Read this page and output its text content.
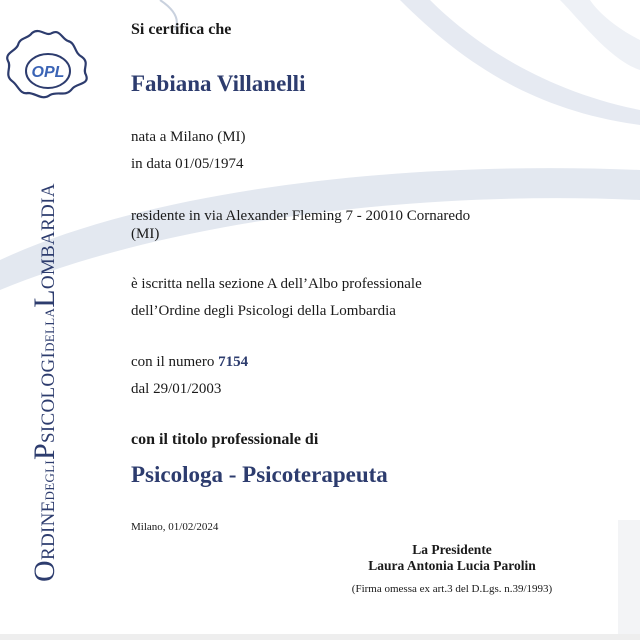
OPL
ORDINEDEGLIPSICOLOGIDELLALOMBARDIA
Si certifica che
Fabiana Villanelli
nata a Milano (MI)
in data 01/05/1974
residente in via Alexander Fleming 7 - 20010 Cornaredo
(MI)
è iscritta nella sezione A dell’Albo professionale
dell’Ordine degli Psicologi della Lombardia
con il numero 7154
dal 29/01/2003
con il titolo professionale di
Psicologa - Psicoterapeuta
Milano, 01/02/2024
La Presidente
Laura Antonia Lucia Parolin
(Firma omessa ex art.3 del D.Lgs. n.39/1993)
